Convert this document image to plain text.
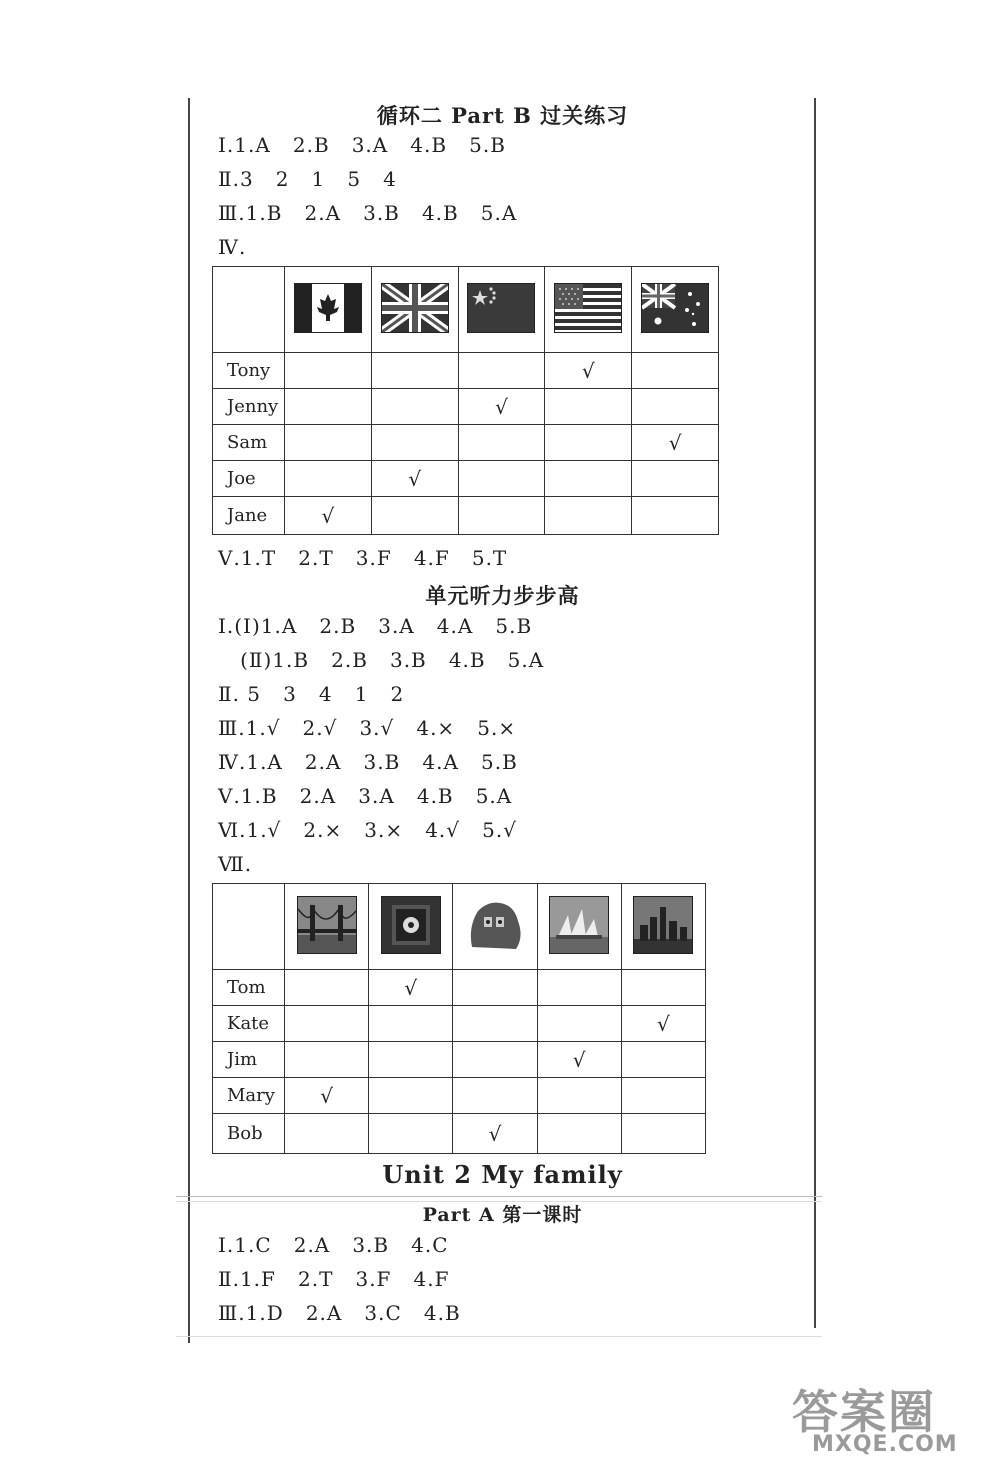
循环二 Part B 过关练习
Ⅰ.1.A   2.B   3.A   4.B   5.B
Ⅱ.3   2   1   5   4
Ⅲ.1.B   2.A   3.B   4.B   5.A
Ⅳ.

Tony				√	
Jenny			√		
Sam					√
Joe		√			
Jane	√				
Ⅴ.1.T   2.T   3.F   4.F   5.T
单元听力步步高
Ⅰ.(Ⅰ)1.A   2.B   3.A   4.A   5.B
(Ⅱ)1.B   2.B   3.B   4.B   5.A
Ⅱ. 5   3   4   1   2
Ⅲ.1.√   2.√   3.√   4.×   5.×
Ⅳ.1.A   2.A   3.B   4.A   5.B
Ⅴ.1.B   2.A   3.A   4.B   5.A
Ⅵ.1.√   2.×   3.×   4.√   5.√
Ⅶ.

Tom		√			
Kate					√
Jim				√	
Mary	√				
Bob			√		
Unit 2 My family
Part A 第一课时
Ⅰ.1.C   2.A   3.B   4.C
Ⅱ.1.F   2.T   3.F   4.F
Ⅲ.1.D   2.A   3.C   4.B
答案圈
MXQE.COM
